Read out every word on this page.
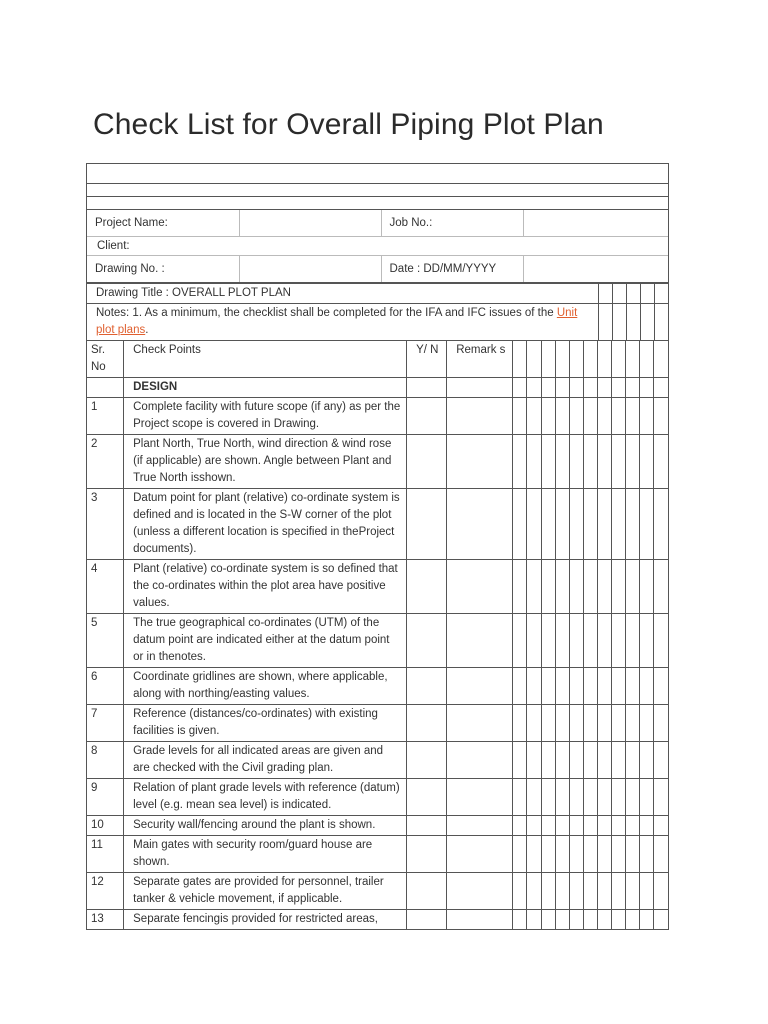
Check List for Overall Piping Plot Plan

Project Name:		Job No.:	
Client:
Drawing No. :		Date : DD/MM/YYYY	
Drawing Title : OVERALL PLOT PLAN					
Notes: 1. As a minimum, the checklist shall be completed for the IFA and IFC issues of the Unit plot plans.					
Sr. No	Check Points	Y/ N	Remark s											
	DESIGN													
1	Complete facility with future scope (if any) as per the Project scope is covered in Drawing.													
2	Plant North, True North, wind direction & wind rose (if applicable) are shown. Angle between Plant and True North isshown.													
3	Datum point for plant (relative) co-ordinate system is defined and is located in the S-W corner of the plot (unless a different location is specified in theProject documents).													
4	Plant (relative) co-ordinate system is so defined that the co-ordinates within the plot area have positive values.													
5	The true geographical co-ordinates (UTM) of the datum point are indicated either at the datum point or in thenotes.													
6	Coordinate gridlines are shown, where applicable, along with northing/easting values.													
7	Reference (distances/co-ordinates) with existing facilities is given.													
8	Grade levels for all indicated areas are given and are checked with the Civil grading plan.													
9	Relation of plant grade levels with reference (datum) level (e.g. mean sea level) is indicated.													
10	Security wall/fencing around the plant is shown.													
11	Main gates with security room/guard house are shown.													
12	Separate gates are provided for personnel, trailer tanker & vehicle movement, if applicable.													
13	Separate fencingis provided for restricted areas,													
